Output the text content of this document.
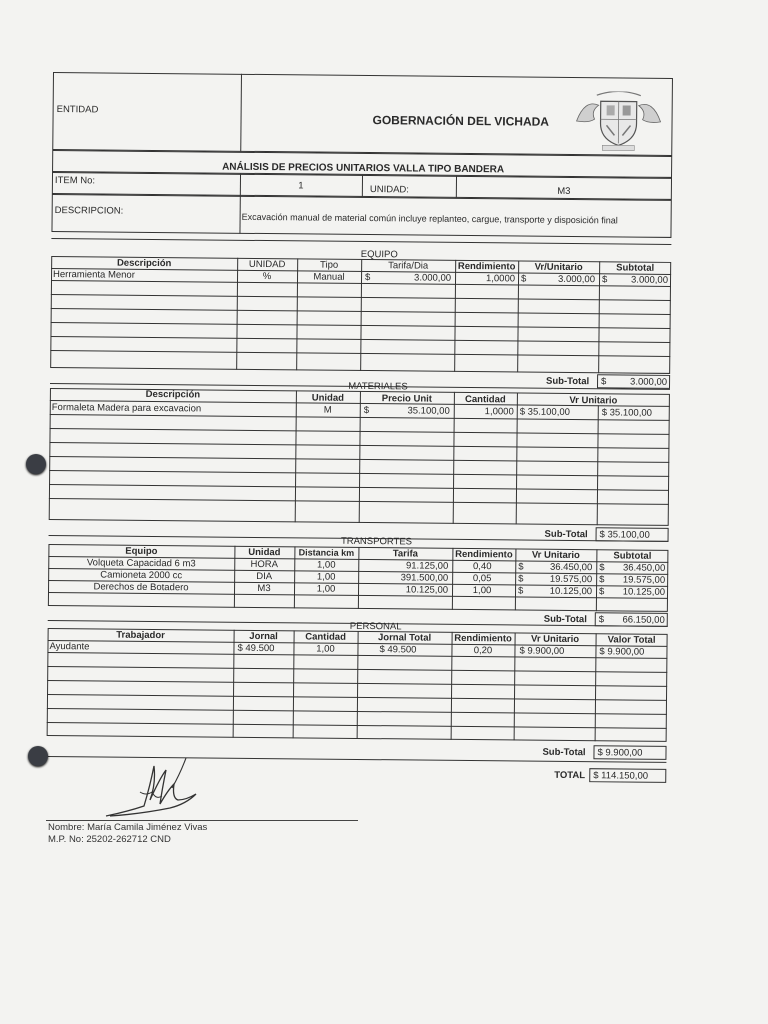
ENTIDAD
GOBERNACIÓN DEL VICHADA
ANÁLISIS DE PRECIOS UNITARIOS VALLA TIPO BANDERA
ITEM No:	1	UNIDAD:	M3
DESCRIPCION:
Excavación manual de material común incluye replanteo, cargue, transporte y disposición final
EQUIPO
Descripción	UNIDAD	Tipo	Tarifa/Dia	Rendimiento	Vr/Unitario	Subtotal
Herramienta Menor	%	Manual	$	3.000,00	1,0000 $	3.000,00 $	3.000,00
Sub-Total $	3.000,00
MATERIALES
Descripción	Unidad	Precio Unit	Cantidad	Vr Unitario
Formaleta Madera para excavacion	M	$	35.100,00	1,0000 $ 35.100,00	$ 35.100,00
Sub-Total $ 35.100,00
TRANSPORTES
Equipo	Unidad	Distancia km	Tarifa	Rendimiento	Vr Unitario	Subtotal
Volqueta Capacidad 6 m3	HORA	1,00	91.125,00	0,40	$	36.450,00 $	36.450,00
Camioneta 2000 cc	DIA	1,00	391.500,00	0,05	$	19.575,00 $	19.575,00
Derechos de Botadero	M3	1,00	10.125,00	1,00	$	10.125,00 $	10.125,00
Sub-Total $	66.150,00
PERSONAL
Trabajador	Jornal	Cantidad	Jornal Total	Rendimiento	Vr Unitario	Valor Total
Ayudante	$ 49.500	1,00	$ 49.500	0,20	$ 9.900,00	$ 9.900,00
Sub-Total $ 9.900,00
TOTAL $ 114.150,00
Nombre: María Camila Jiménez Vivas
M.P. No: 25202-262712 CND
